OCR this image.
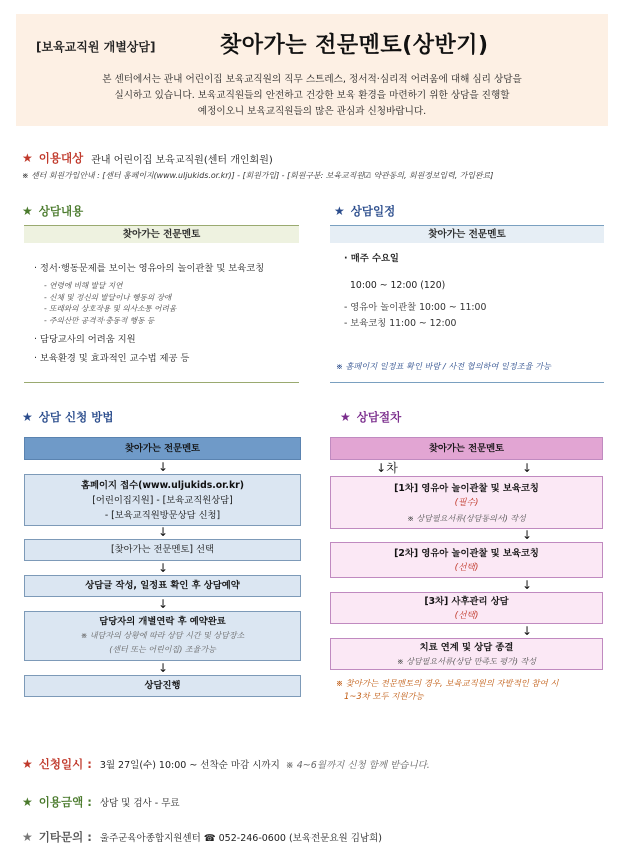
[보육교직원 개별상담]	찾아가는 전문멘토(상반기)
본 센터에서는 관내 어린이집 보육교직원의 직무 스트레스, 정서적·심리적 어려움에 대해 심리 상담을
실시하고 있습니다. 보육교직원들의 안전하고 건강한 보육 환경을 마련하기 위한 상담을 진행할
예정이오니 보육교직원들의 많은 관심과 신청바랍니다.
★ 이용대상 관내 어린이집 보육교직원(센터 개인회원)
※ 센터 회원가입안내 : [센터 홈페이지(www.uljukids.or.kr)] - [회원가입] - [회원구분: 보육교직원☑ 약관동의, 회원정보입력, 가입완료]
★ 상담내용
찾아가는 전문멘토
· 정서·행동문제를 보이는 영유아의 놀이관찰 및 보육코칭
- 연령에 비해 발달 지연
- 신체 및 정신의 발달이나 행동의 장애
- 또래와의 상호작용 및 의사소통 어려움
- 주의산만 공격적·충동적 행동 등
· 담당교사의 어려움 지원
· 보육환경 및 효과적인 교수법 제공 등
★ 상담일정
찾아가는 전문멘토
· 매주 수요일
10:00 ~ 12:00 (120)
- 영유아 놀이관찰 10:00 ~ 11:00
- 보육코칭 11:00 ~ 12:00
※ 홈페이지 일정표 확인 바람 / 사전 협의하여 일정조율 가능
★ 상담 신청 방법
찾아가는 전문멘토
↓
홈페이지 접수(www.uljukids.or.kr)
[어린이집지원] - [보육교직원상담]
- [보육교직원방문상담 신청]
↓
[찾아가는 전문멘토] 선택
↓
상담글 작성, 일정표 확인 후 상담예약
↓
담당자의 개별연락 후 예약완료
※ 내담자의 상황에 따라 상담 시간 및 상담장소
(센터 또는 어린이집) 조율가능
↓
상담진행
★ 상담절차
찾아가는 전문멘토
↓차	↓
[1차] 영유아 놀이관찰 및 보육코칭
(필수)
※ 상담필요서류(상담동의서) 작성
↓
[2차] 영유아 놀이관찰 및 보육코칭
(선택)
↓
[3차] 사후관리 상담
(선택)
↓
치료 연계 및 상담 종결
※ 상담필요서류(상담 만족도 평가) 작성
※ 찾아가는 전문멘토의 경우, 보육교직원의 자발적인 참여 시
1~3차 모두 지원가능
★ 신청일시 : 3월 27일(수) 10:00 ~ 선착순 마감 시까지 ※ 4~6월까지 신청 함께 받습니다.
★ 이용금액 : 상담 및 검사 - 무료
★ 기타문의 : 울주군육아종합지원센터 ☎ 052-246-0600 (보육전문요원 김남희)
